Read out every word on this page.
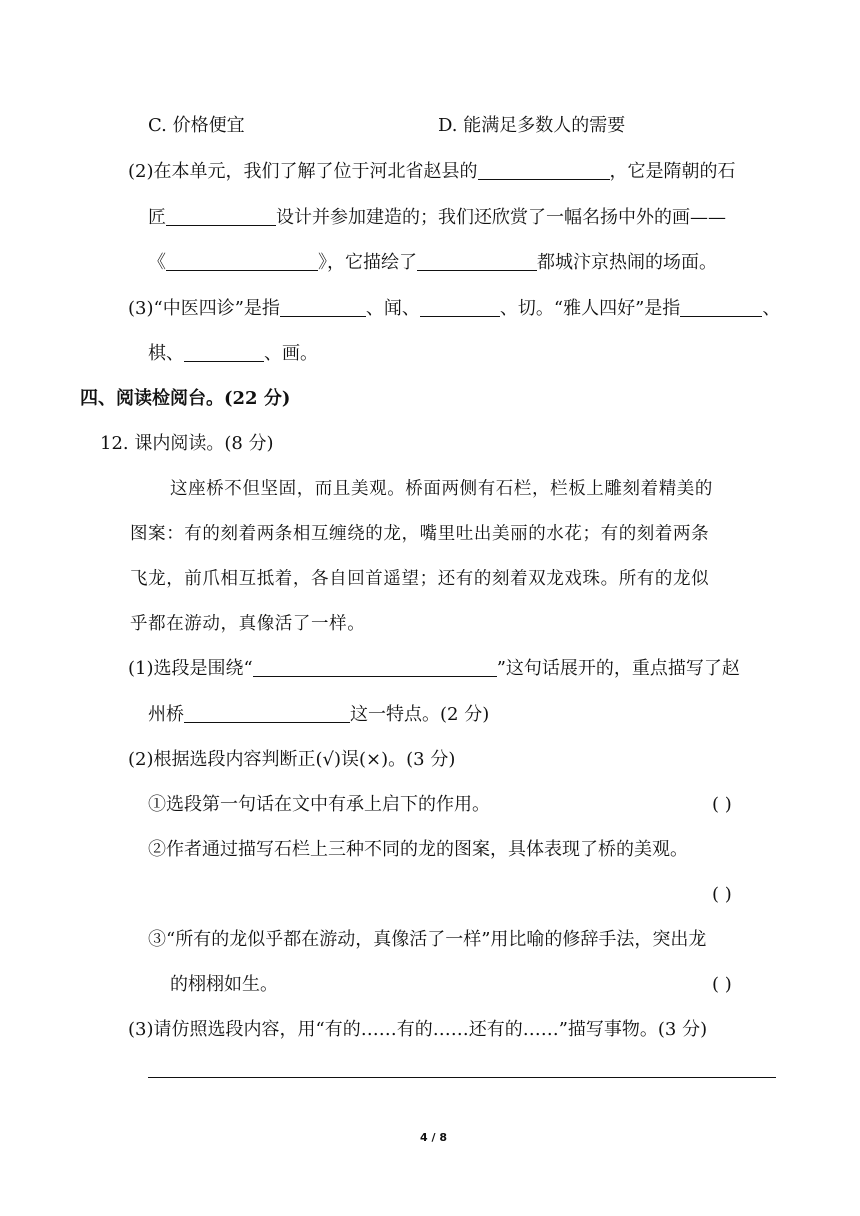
C. 价格便宜	D. 能满足多数人的需要
(2)在本单元，我们了解了位于河北省赵县的	，它是隋朝的石
匠	设计并参加建造的；我们还欣赏了一幅名扬中外的画——
《	》，它描绘了	都城汴京热闹的场面。
(3)“中医四诊”是指	、闻、	、切。“雅人四好”是指	、
棋、	、画。
四、阅读检阅台。(22 分)
12. 课内阅读。(8 分)
这座桥不但坚固，而且美观。桥面两侧有石栏，栏板上雕刻着精美的
图案：有的刻着两条相互缠绕的龙，嘴里吐出美丽的水花；有的刻着两条
飞龙，前爪相互抵着，各自回首遥望；还有的刻着双龙戏珠。所有的龙似
乎都在游动，真像活了一样。
(1)选段是围绕“	”这句话展开的，重点描写了赵
州桥	这一特点。(2 分)
(2)根据选段内容判断正(√)误(×)。(3 分)
①选段第一句话在文中有承上启下的作用。	( )
②作者通过描写石栏上三种不同的龙的图案，具体表现了桥的美观。
( )
③“所有的龙似乎都在游动，真像活了一样”用比喻的修辞手法，突出龙
的栩栩如生。	( )
(3)请仿照选段内容，用“有的……有的……还有的……”描写事物。(3 分)
4 / 8
